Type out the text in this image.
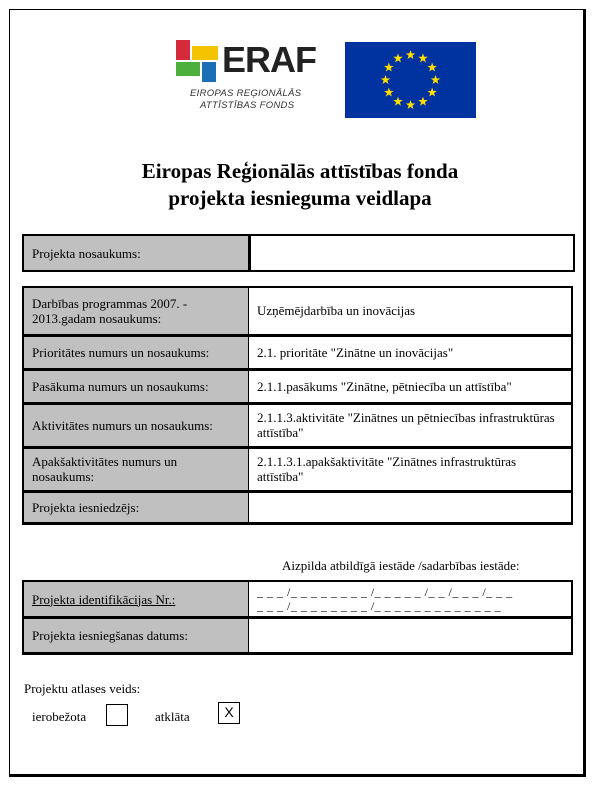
ERAF
EIROPAS REĢIONĀLĀS
ATTĪSTĪBAS FONDS
Eiropas Reģionālās attīstības fonda
projekta iesnieguma veidlapa
Projekta nosaukums:	
Darbības programmas 2007. - 2013.gadam nosaukums:	Uzņēmējdarbība un inovācijas
Prioritātes numurs un nosaukums:	2.1. prioritāte "Zinātne un inovācijas"
Pasākuma numurs un nosaukums:	2.1.1.pasākums "Zinātne, pētniecība un attīstība"
Aktivitātes numurs un nosaukums:	2.1.1.3.aktivitāte "Zinātnes un pētniecības infrastruktūras attīstība"
Apakšaktivitātes numurs un nosaukums:	2.1.1.3.1.apakšaktivitāte "Zinātnes infrastruktūras attīstība"
Projekta iesniedzējs:	
Aizpilda atbildīgā iestāde /sadarbības iestāde:
Projekta identifikācijas Nr.:	_ _ _ /_ _ _ _ _ _ _ _ /_ _ _ _ _ /_ _ /_ _ _ /_ _ _
_ _ _ /_ _ _ _ _ _ _ _ /_ _ _ _ _ _ _ _ _ _ _ _ _

Projekta iesniegšanas datums:	
Projektu atlases veids:
ierobežota	atklāta	X
